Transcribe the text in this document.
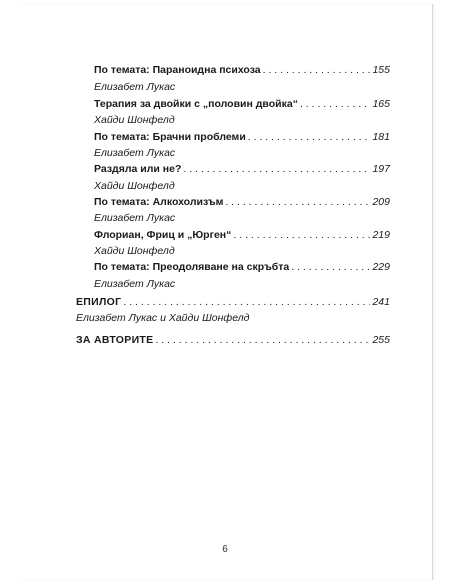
По темата: Параноидна психоза . . .	155
Елизабет Лукас
Терапия за двойки с „половин двойка“ . . .	165
Хайди Шонфелд
По темата: Брачни проблеми . . .	181
Елизабет Лукас
Раздяла или не? . . .	197
Хайди Шонфелд
По темата: Алкохолизъм . . .	209
Елизабет Лукас
Флориан, Фриц и „Юрген“ . . .	219
Хайди Шонфелд
По темата: Преодоляване на скръбта . . .	229
Елизабет Лукас
ЕПИЛОГ . . .	241
Елизабет Лукас и Хайди Шонфелд
ЗА АВТОРИТЕ . . .	255
6
